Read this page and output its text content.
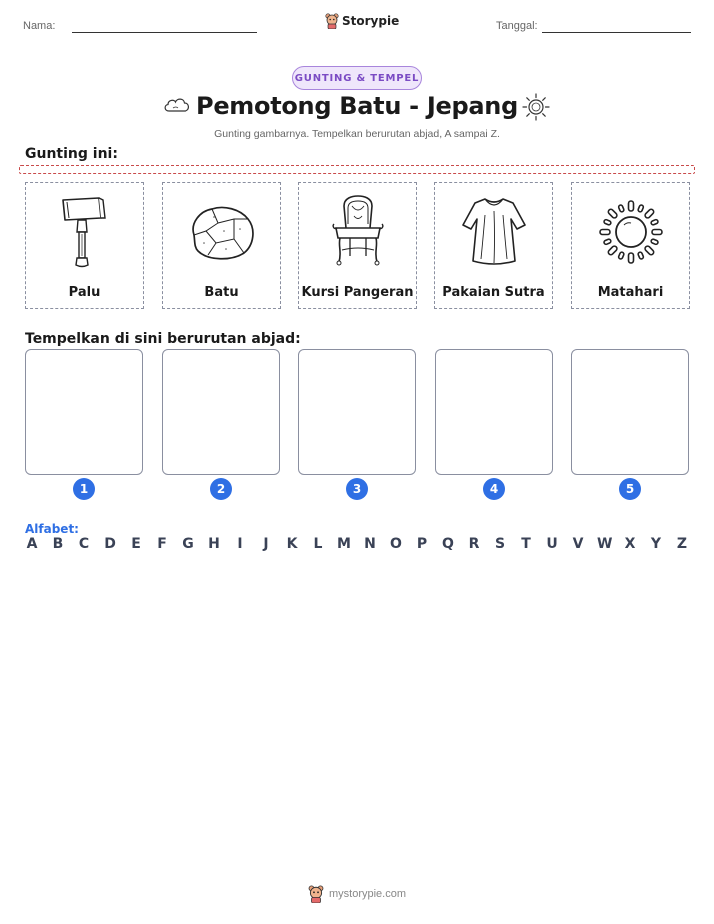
Nama:	Storypie	Tanggal:
GUNTING & TEMPEL
Pemotong Batu - Jepang
Gunting gambarnya. Tempelkan berurutan abjad, A sampai Z.
Gunting ini:
Palu	Batu	Kursi Pangeran	Pakaian Sutra	Matahari
Tempelkan di sini berurutan abjad:
1	2	3	4	5
Alfabet:
A B C D E F G H	I	J	K L M N O P Q R S T U V W X Y Z
mystorypie.com
